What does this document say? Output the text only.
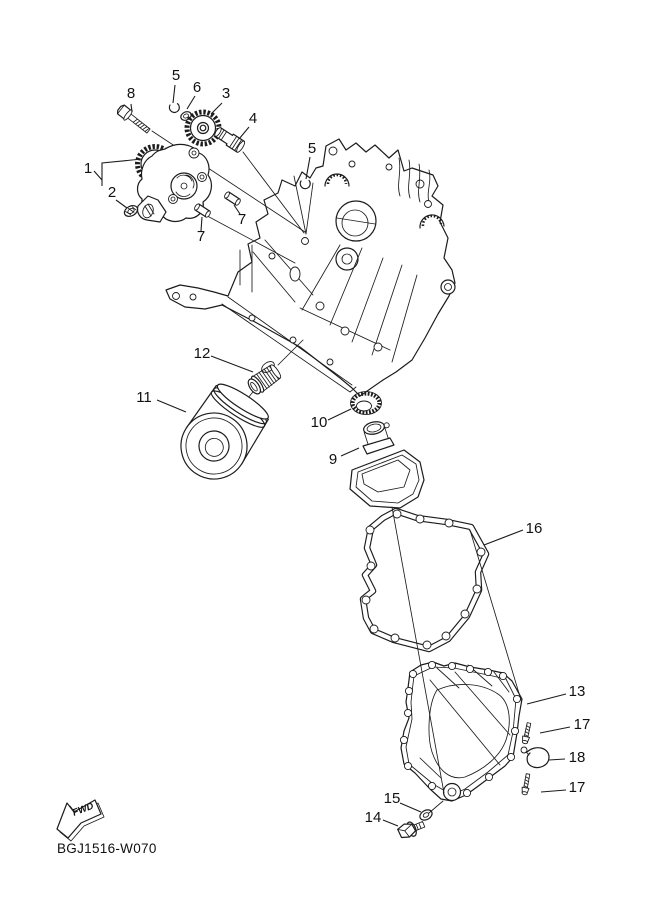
8
5
6 3
4
5
1
2
7
7
12
11
10
9
16
13
17
18
17
15
14
FWD
BGJ1516-W070
